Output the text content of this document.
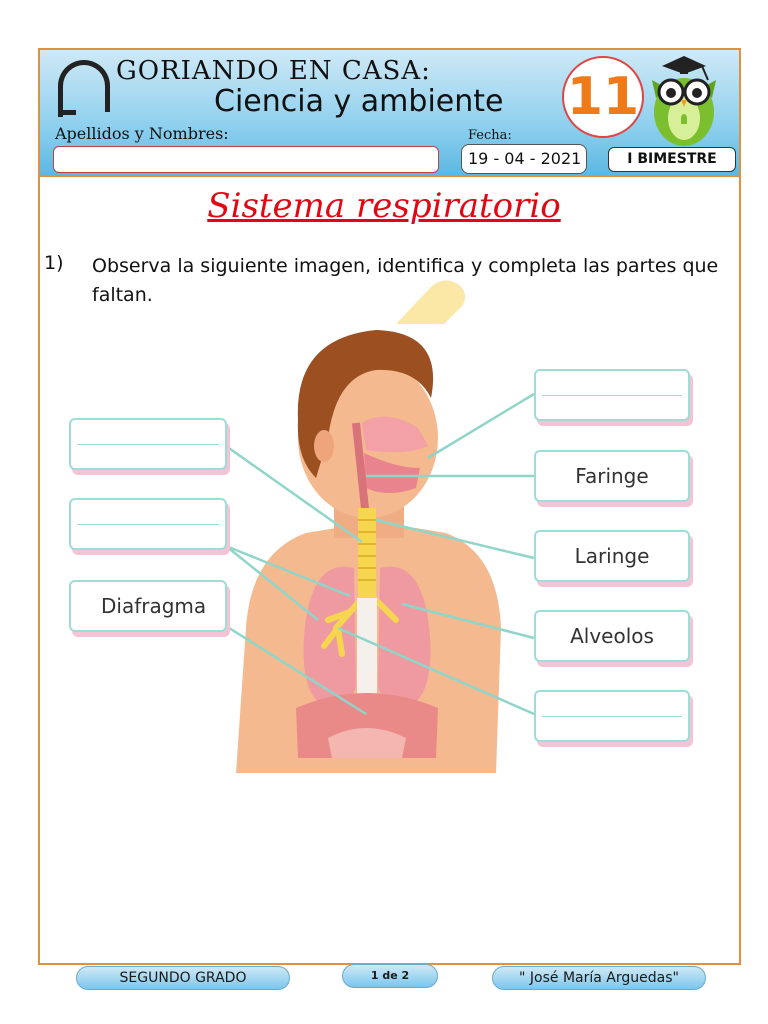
GORIANDO EN CASA:
Ciencia y ambiente
Apellidos y Nombres:	Fecha:
19 - 04 - 2021
11
I BIMESTRE
Sistema respiratorio
1) Observa la siguiente imagen, identifica y completa las partes que faltan.
Diafragma
Faringe
Laringe
Alveolos
SEGUNDO GRADO	1 de 2	" José María Arguedas"
